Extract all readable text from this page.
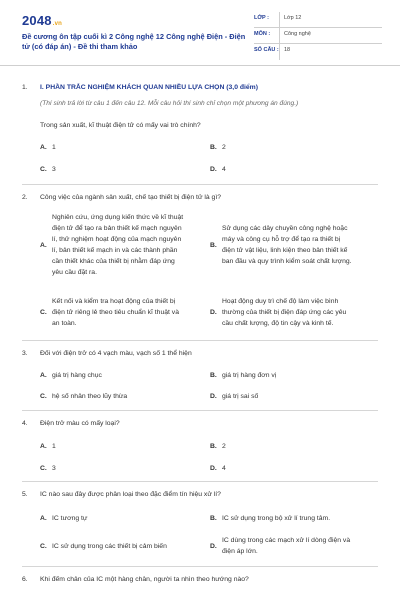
2048.vn
Đề cương ôn tập cuối kì 2 Công nghệ 12 Công nghệ Điện - Điện tử (có đáp án) - Đề thi tham khảo
LỚP :	Lớp 12
MÔN :	Công nghệ
SỐ CÂU : 18
1. I. PHẦN TRẮC NGHIỆM KHÁCH QUAN NHIỀU LỰA CHỌN (3,0 điểm)
(Thí sinh trả lời từ câu 1 đến câu 12. Mỗi câu hỏi thí sinh chỉ chọn một phương án đúng.)
Trong sản xuất, kĩ thuật điện tử có mấy vai trò chính?
A. 1	B. 2
C. 3	D. 4
2. Công việc của ngành sản xuất, chế tạo thiết bị điện tử là gì?
A.
Nghiên cứu, ứng dụng kiến thức về kĩ thuật
điện tử để tạo ra bản thiết kế mạch nguyên
lí, thử nghiệm hoạt động của mạch nguyên
lí, bản thiết kế mạch in và các thành phần
cần thiết khác của thiết bị nhằm đáp ứng
yêu cầu đặt ra.
B.
Sử dụng các dây chuyền công nghệ hoặc
máy và công cụ hỗ trợ để tạo ra thiết bị
điện tử vật liệu, linh kiện theo bản thiết kế
ban đầu và quy trình kiểm soát chất lượng.
C.
Kết nối và kiểm tra hoạt động của thiết bị
điện tử riêng lẻ theo tiêu chuẩn kĩ thuật và
an toàn.
D.
Hoạt động duy trì chế độ làm việc bình
thường của thiết bị điện đáp ứng các yêu
cầu chất lượng, độ tin cậy và kinh tế.
3. Đối với điện trở có 4 vạch màu, vạch số 1 thể hiện
A. giá trị hàng chục	B. giá trị hàng đơn vị
C. hệ số nhân theo lũy thừa	D. giá trị sai số
4. Điện trở màu có mấy loại?
A. 1	B. 2
C. 3	D. 4
5. IC nào sau đây được phân loại theo đặc điểm tín hiệu xử lí?
A. IC tương tự	B. IC sử dụng trong bộ xử lí trung tâm.
C. IC sử dụng trong các thiết bị cảm biến	D.
IC dùng trong các mạch xử lí dòng điện và
điện áp lớn.
6. Khi đếm chân của IC một hàng chân, người ta nhìn theo hướng nào?
